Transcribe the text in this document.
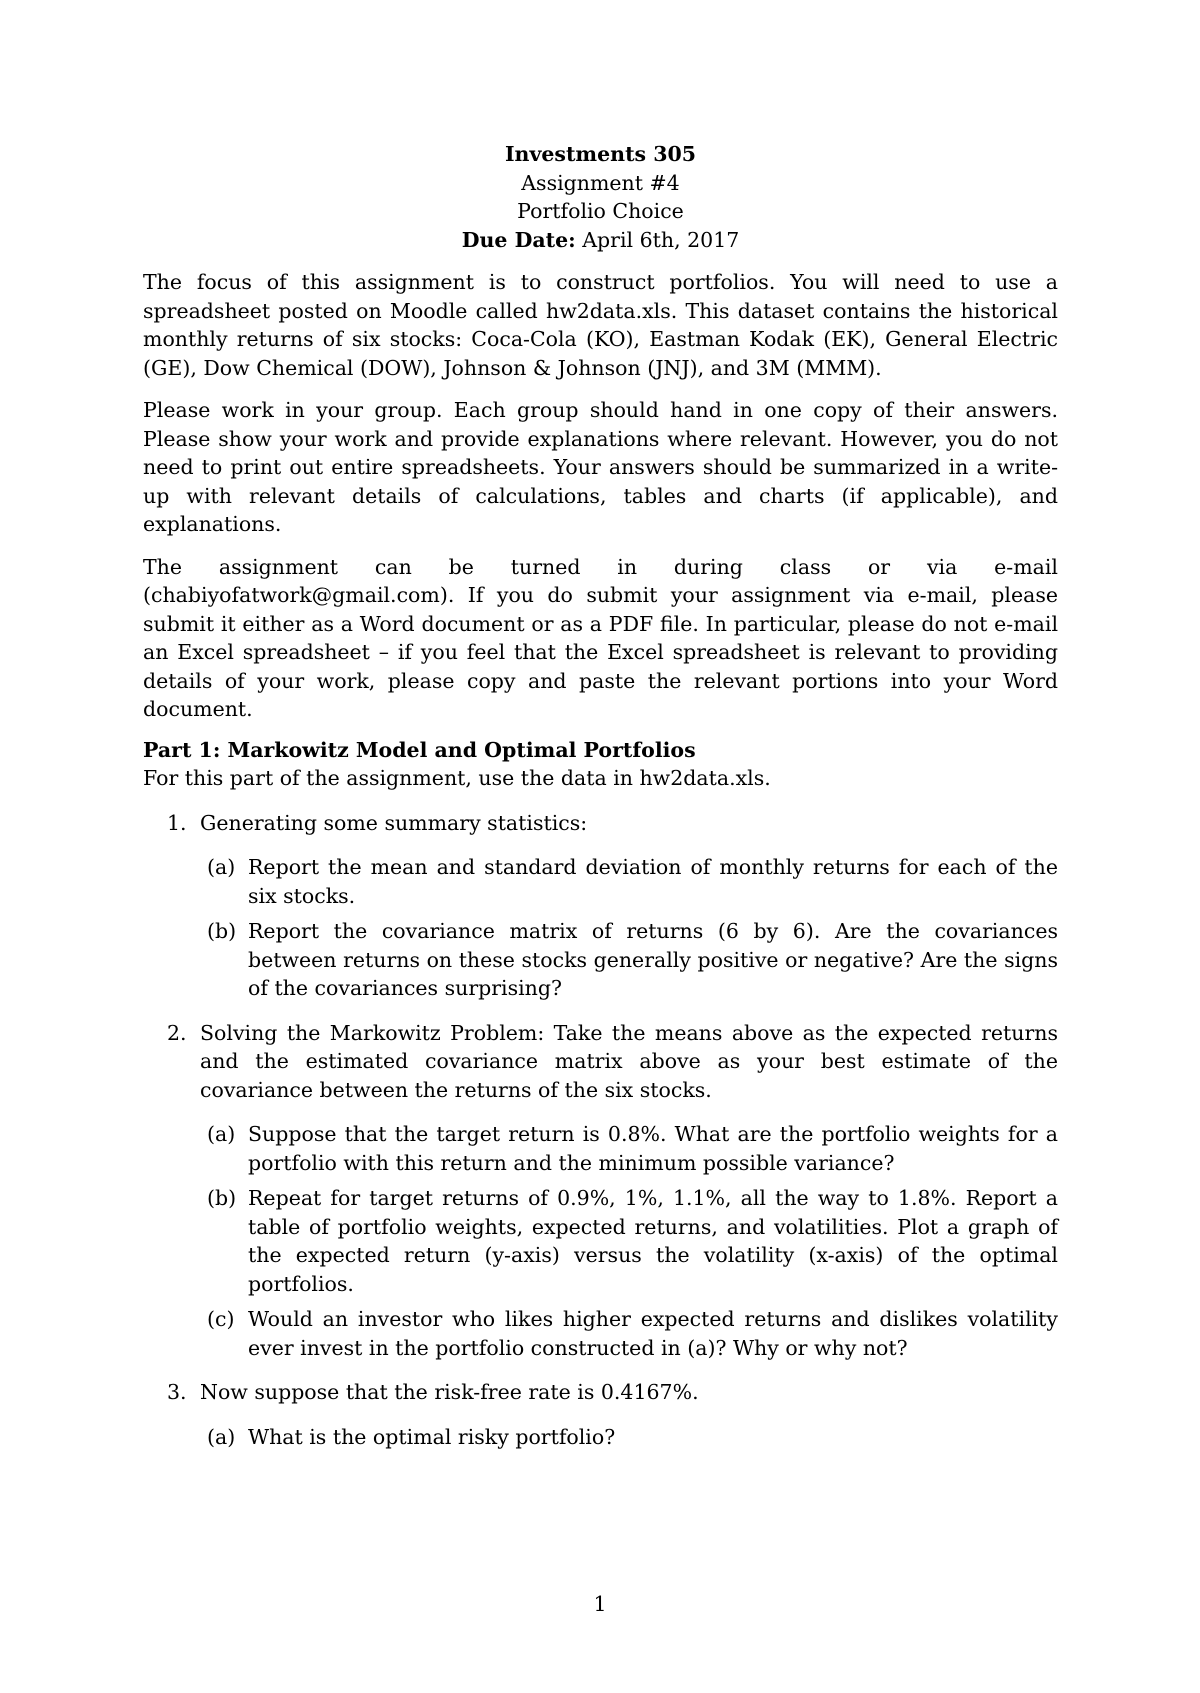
Investments 305
Assignment #4
Portfolio Choice
Due Date: April 6th, 2017

The focus of this assignment is to construct portfolios. You will need to use a spreadsheet posted on Moodle called hw2data.xls. This dataset contains the historical monthly returns of six stocks: Coca-Cola (KO), Eastman Kodak (EK), General Electric (GE), Dow Chemical (DOW), Johnson & Johnson (JNJ), and 3M (MMM).

Please work in your group. Each group should hand in one copy of their answers. Please show your work and provide explanations where relevant. However, you do not need to print out entire spreadsheets. Your answers should be summarized in a write-up with relevant details of calculations, tables and charts (if applicable), and explanations.

The assignment can be turned in during class or via e-mail (chabiyofatwork@gmail.com). If you do submit your assignment via e-mail, please submit it either as a Word document or as a PDF file. In particular, please do not e-mail an Excel spreadsheet – if you feel that the Excel spreadsheet is relevant to providing details of your work, please copy and paste the relevant portions into your Word document.

Part 1: Markowitz Model and Optimal Portfolios

For this part of the assignment, use the data in hw2data.xls.

1. Generating some summary statistics:
(a) Report the mean and standard deviation of monthly returns for each of the six stocks.
(b) Report the covariance matrix of returns (6 by 6). Are the covariances between returns on these stocks generally positive or negative? Are the signs of the covariances surprising?
2. Solving the Markowitz Problem: Take the means above as the expected returns and the estimated covariance matrix above as your best estimate of the covariance between the returns of the six stocks.
(a) Suppose that the target return is 0.8%. What are the portfolio weights for a portfolio with this return and the minimum possible variance?
(b) Repeat for target returns of 0.9%, 1%, 1.1%, all the way to 1.8%. Report a table of portfolio weights, expected returns, and volatilities. Plot a graph of the expected return (y-axis) versus the volatility (x-axis) of the optimal portfolios.
(c) Would an investor who likes higher expected returns and dislikes volatility ever invest in the portfolio constructed in (a)? Why or why not?
3. Now suppose that the risk-free rate is 0.4167%.
(a) What is the optimal risky portfolio?
1
